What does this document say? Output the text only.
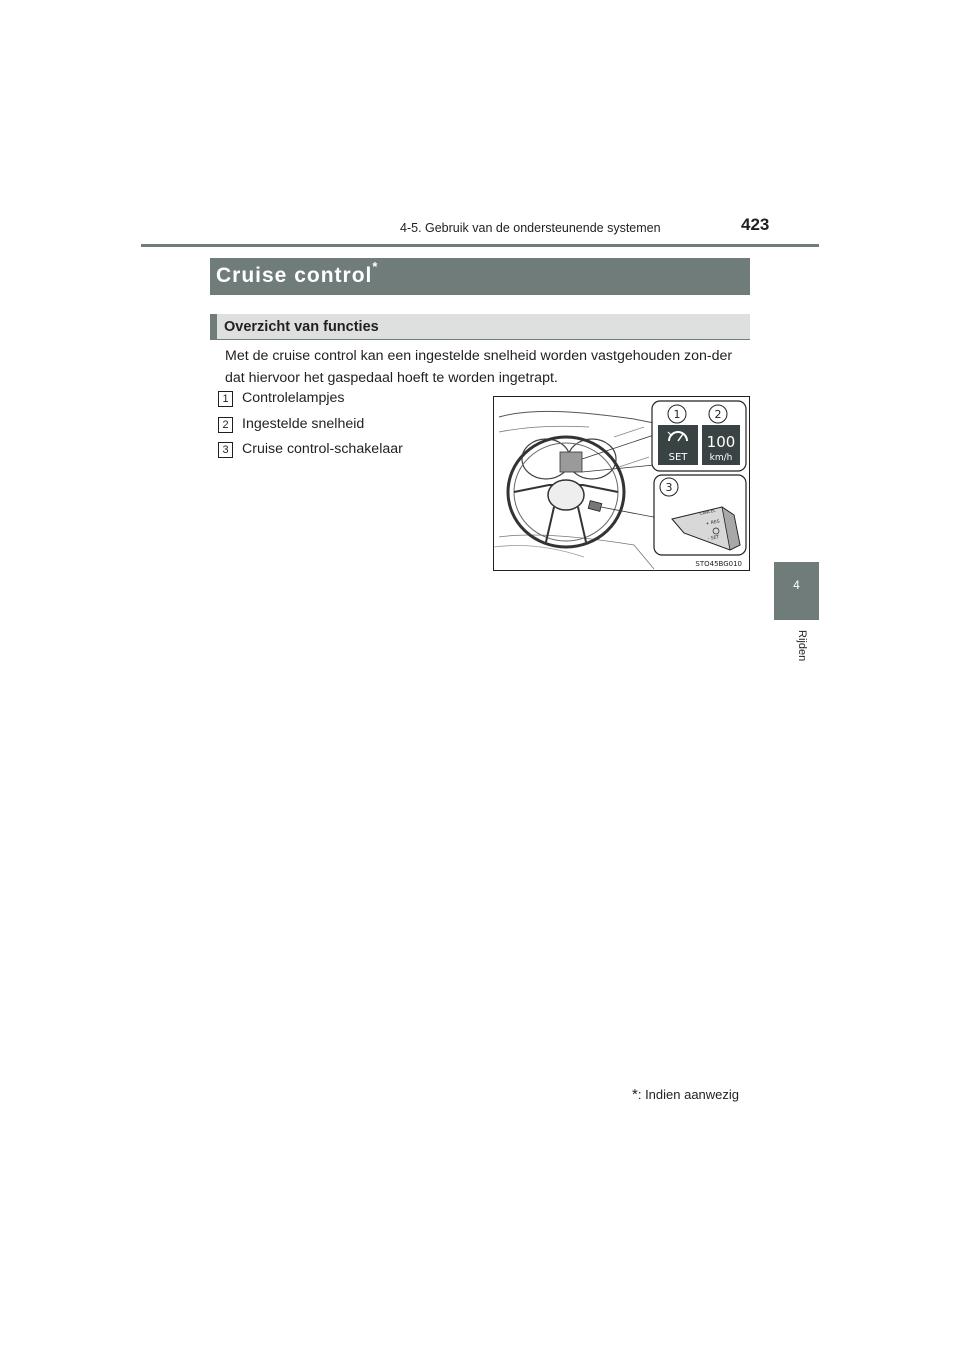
4-5. Gebruik van de ondersteunende systemen	423
4
Rijden
Cruise control*
Overzicht van functies
Met de cruise control kan een ingestelde snelheid worden vastgehouden zon-der dat hiervoor het gaspedaal hoeft te worden ingetrapt.
1 Controlelampjes
2 Ingestelde snelheid
3 Cruise control-schakelaar
SET
100
km/h
1	2
3
CANCEL
+ RES
- SET
STO45BG010
*: Indien aanwezig
